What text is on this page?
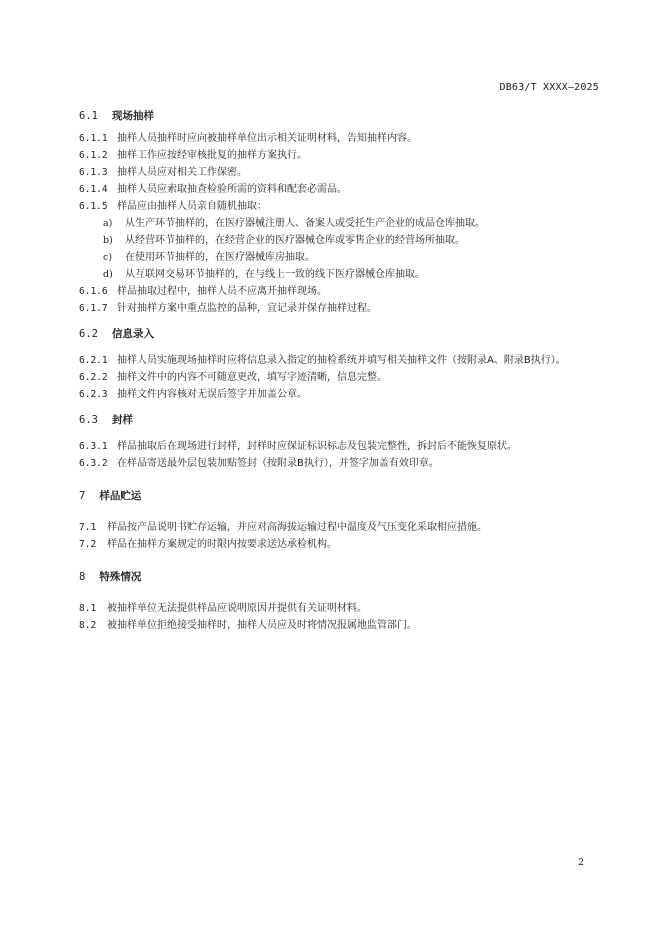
DB63/T XXXX—2025
6.1 现场抽样
6.1.1 抽样人员抽样时应向被抽样单位出示相关证明材料，告知抽样内容。
6.1.2 抽样工作应按经审核批复的抽样方案执行。
6.1.3 抽样人员应对相关工作保密。
6.1.4 抽样人员应索取抽查检验所需的资料和配套必需品。
6.1.5 样品应由抽样人员亲自随机抽取：
a) 从生产环节抽样的，在医疗器械注册人、备案人或受托生产企业的成品仓库抽取。
b) 从经营环节抽样的，在经营企业的医疗器械仓库或零售企业的经营场所抽取。
c) 在使用环节抽样的，在医疗器械库房抽取。
d) 从互联网交易环节抽样的，在与线上一致的线下医疗器械仓库抽取。
6.1.6 样品抽取过程中，抽样人员不应离开抽样现场。
6.1.7 针对抽样方案中重点监控的品种，宜记录并保存抽样过程。
6.2 信息录入
6.2.1 抽样人员实施现场抽样时应将信息录入指定的抽检系统并填写相关抽样文件（按附录A、附录B执行）。
6.2.2 抽样文件中的内容不可随意更改，填写字迹清晰，信息完整。
6.2.3 抽样文件内容核对无误后签字并加盖公章。
6.3 封样
6.3.1 样品抽取后在现场进行封样，封样时应保证标识标志及包装完整性，拆封后不能恢复原状。
6.3.2 在样品寄送最外层包装加贴签封（按附录B执行），并签字加盖有效印章。
7 样品贮运
7.1 样品按产品说明书贮存运输，并应对高海拔运输过程中温度及气压变化采取相应措施。
7.2 样品在抽样方案规定的时限内按要求送达承检机构。
8 特殊情况
8.1 被抽样单位无法提供样品应说明原因并提供有关证明材料。
8.2 被抽样单位拒绝接受抽样时，抽样人员应及时将情况报属地监管部门。
2
